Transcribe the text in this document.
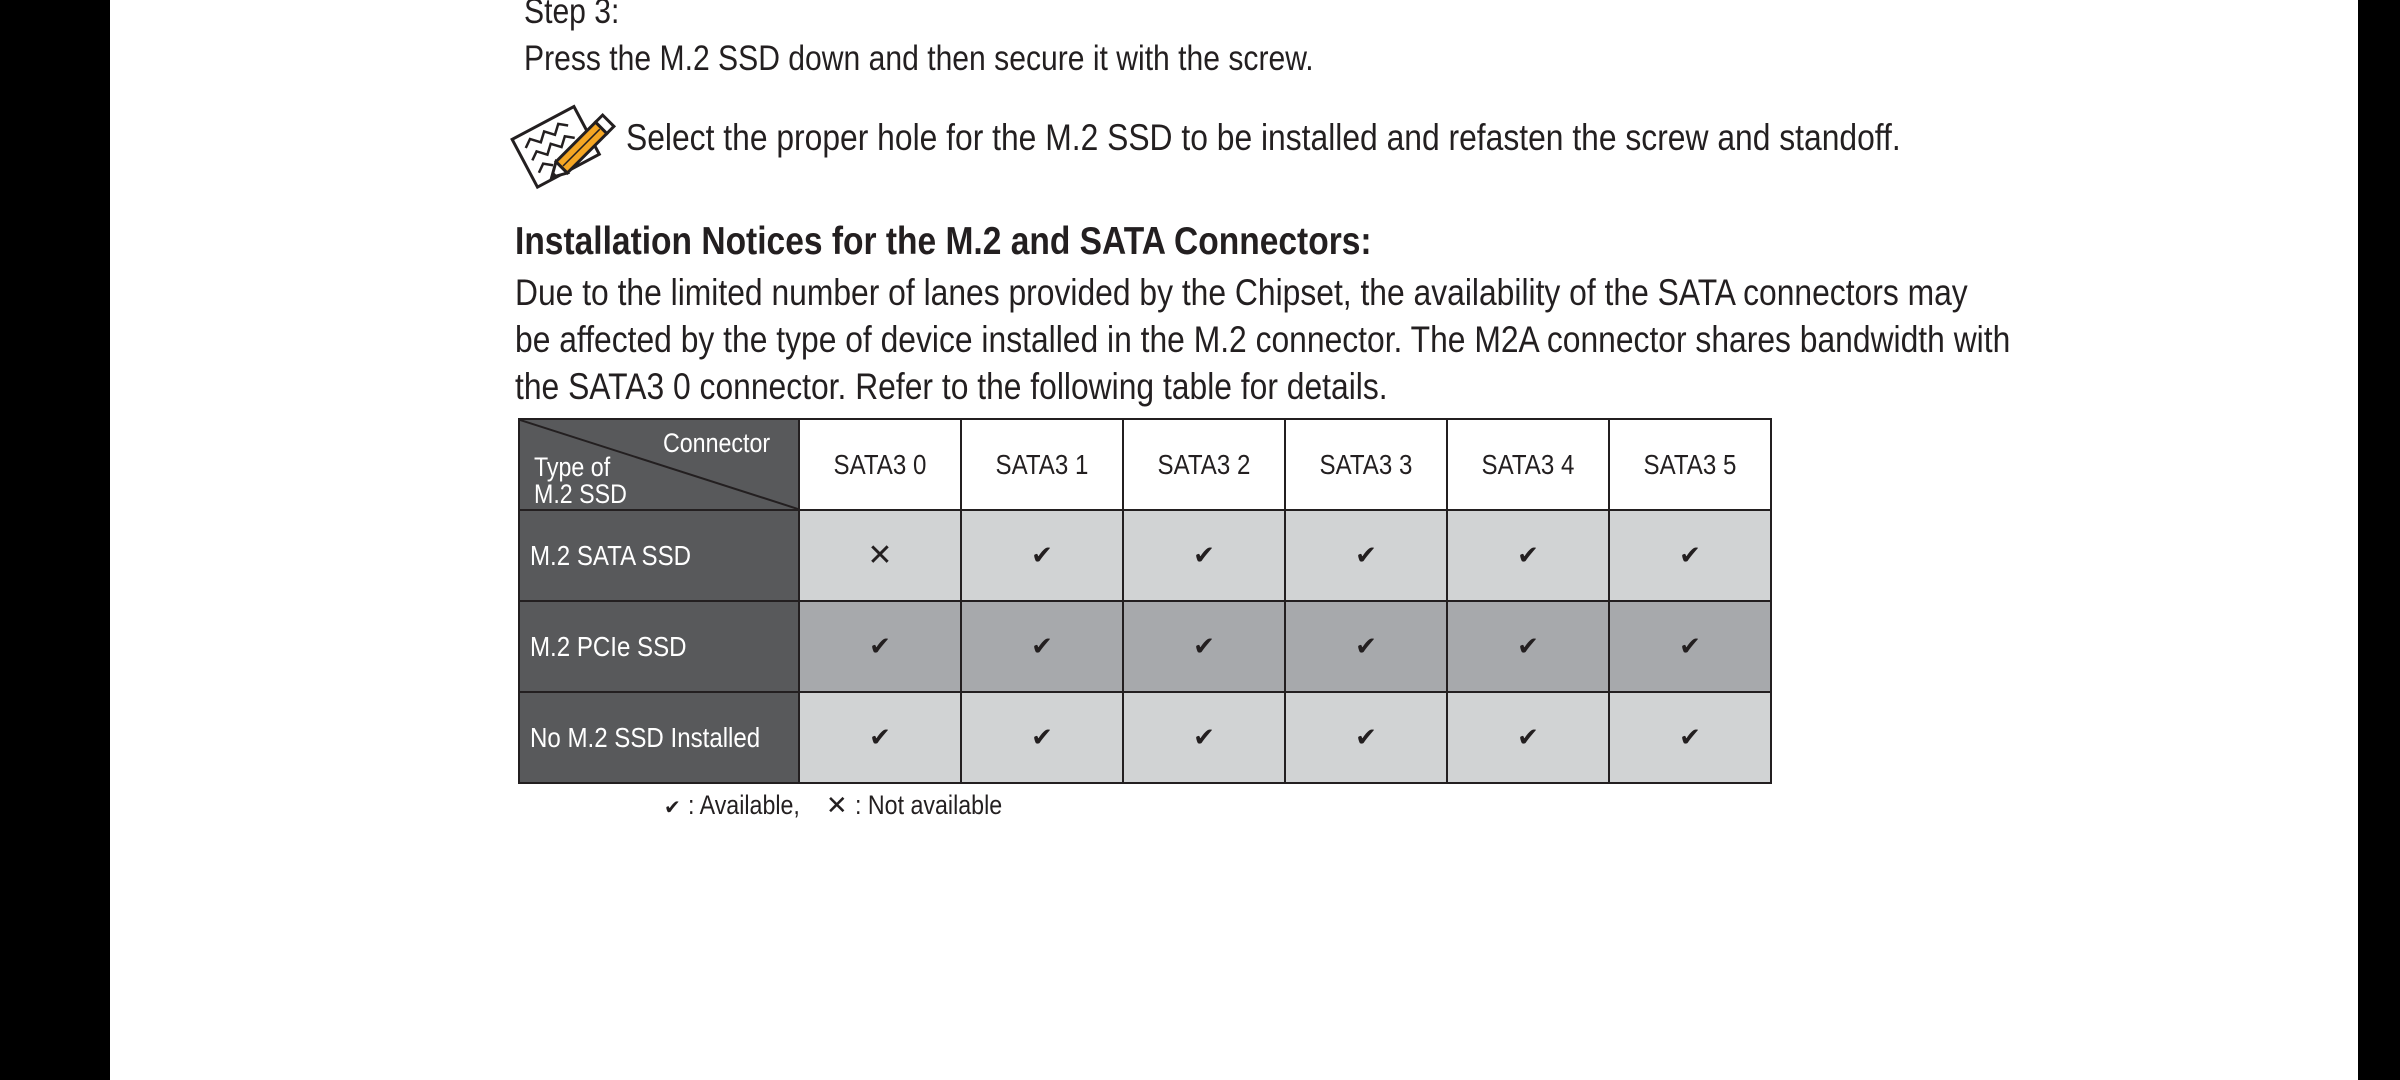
Step 3:
Press the M.2 SSD down and then secure it with the screw.
Select the proper hole for the M.2 SSD to be installed and refasten the screw and standoff.
Installation Notices for the M.2 and SATA Connectors:
Due to the limited number of lanes provided by the Chipset, the availability of the SATA connectors may
be affected by the type of device installed in the M.2 connector. The M2A connector shares bandwidth with
the SATA3 0 connector. Refer to the following table for details.
Connector
Type of
M.2 SSD	SATA3 0	SATA3 1	SATA3 2	SATA3 3	SATA3 4	SATA3 5
M.2 SATA SSD	✕	✔	✔	✔	✔	✔
M.2 PCIe SSD	✔	✔	✔	✔	✔	✔
No M.2 SSD Installed	✔	✔	✔	✔	✔	✔
✔ : Available, ✕ : Not available
